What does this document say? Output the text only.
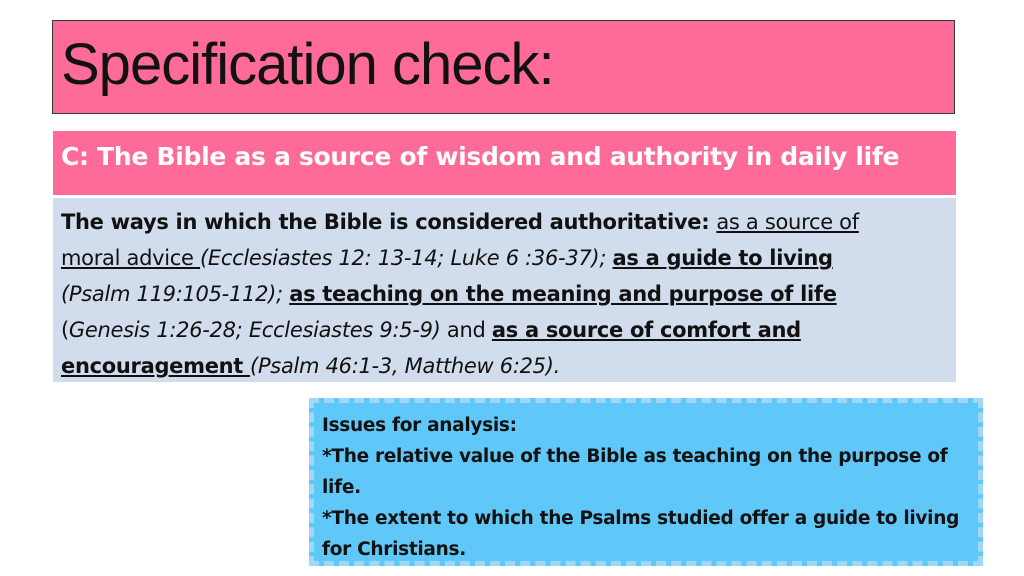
Specification check:
C: The Bible as a source of wisdom and authority in daily life
The ways in which the Bible is considered authoritative: as a source of
moral advice (Ecclesiastes 12: 13-14; Luke 6 :36-37); as a guide to living
(Psalm 119:105-112); as teaching on the meaning and purpose of life
(Genesis 1:26-28; Ecclesiastes 9:5-9) and as a source of comfort and
encouragement (Psalm 46:1-3, Matthew 6:25).
Issues for analysis:
*The relative value of the Bible as teaching on the purpose of life.
*The extent to which the Psalms studied offer a guide to living for Christians.
